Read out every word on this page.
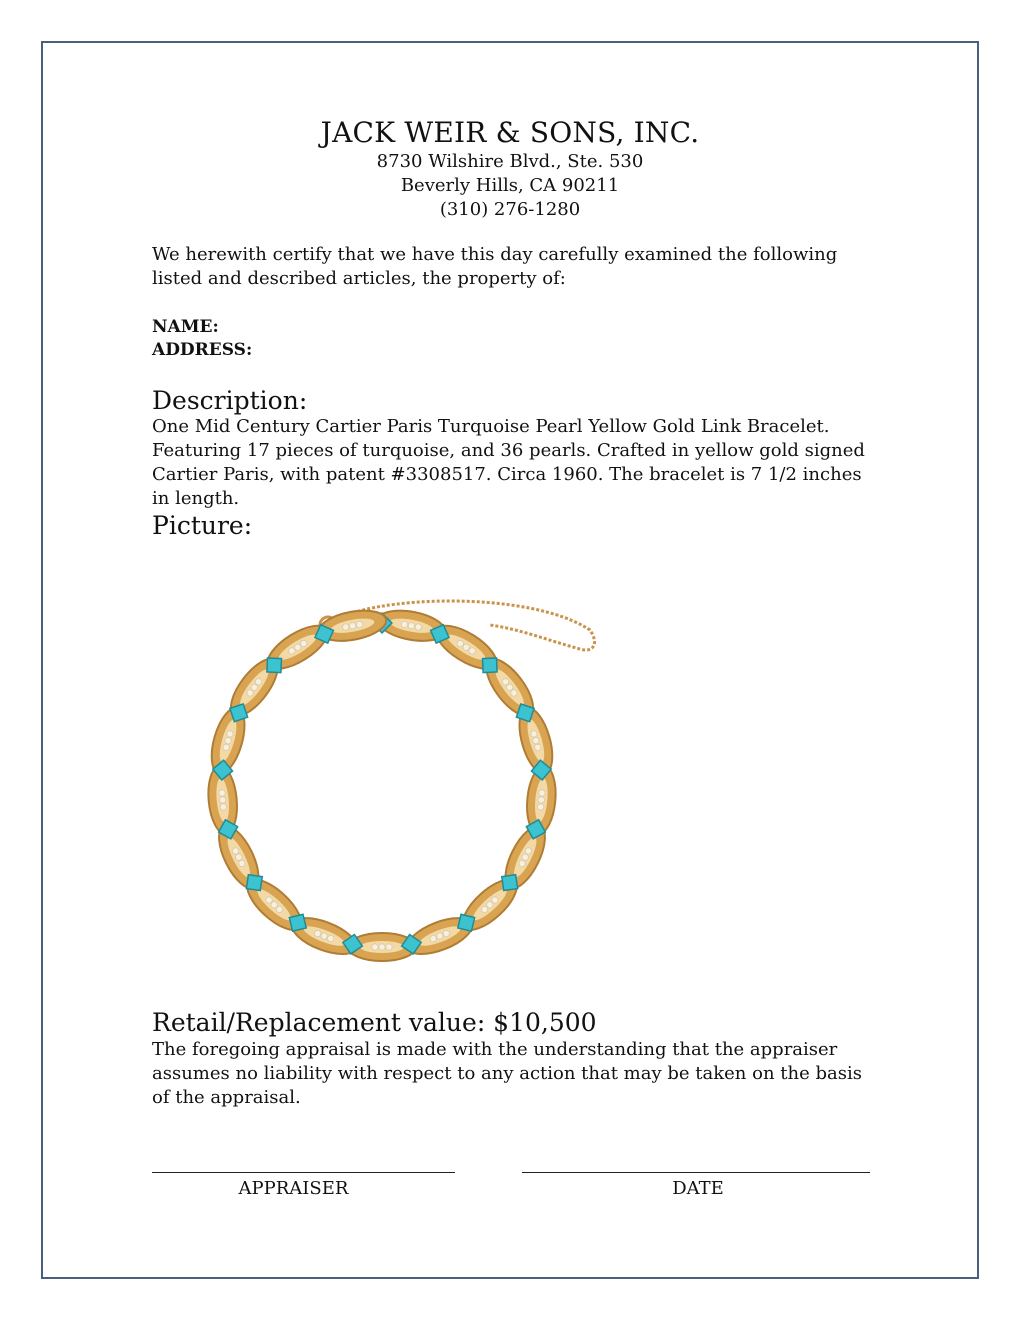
JACK WEIR & SONS, INC.
8730 Wilshire Blvd., Ste. 530
Beverly Hills, CA 90211
(310) 276-1280
We herewith certify that we have this day carefully examined the following listed and described articles, the property of:
NAME:
ADDRESS:
Description:
One Mid Century Cartier Paris Turquoise Pearl Yellow Gold Link Bracelet. Featuring 17 pieces of turquoise, and 36 pearls. Crafted in yellow gold signed Cartier Paris, with patent #3308517. Circa 1960. The bracelet is 7 1/2 inches in length.
Picture:
Retail/Replacement value: $10,500
The foregoing appraisal is made with the understanding that the appraiser assumes no liability with respect to any action that may be taken on the basis of the appraisal.
APPRAISER	DATE
